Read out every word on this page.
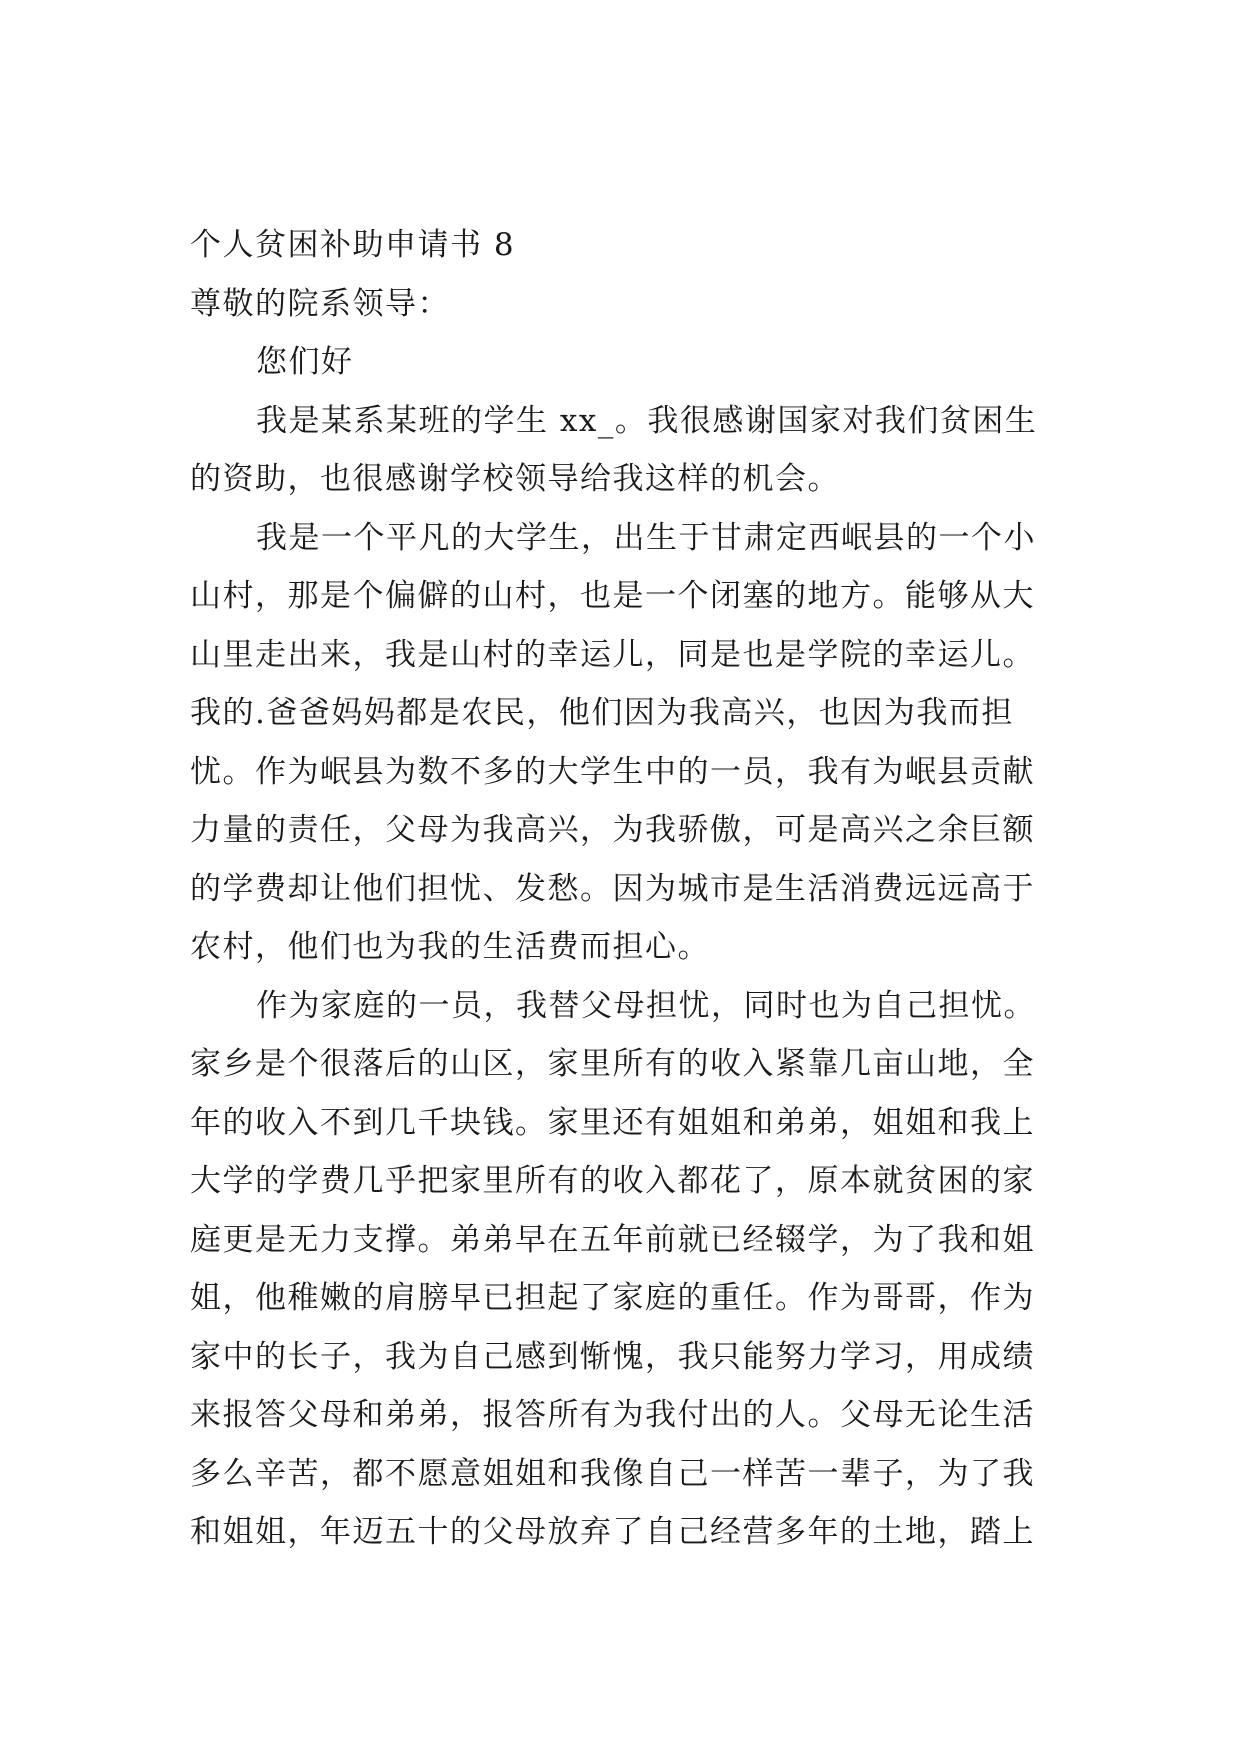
个人贫困补助申请书 8
尊敬的院系领导：
您们好
我是某系某班的学生 xx_。我很感谢国家对我们贫困生
的资助，也很感谢学校领导给我这样的机会。
我是一个平凡的大学生，出生于甘肃定西岷县的一个小
山村，那是个偏僻的山村，也是一个闭塞的地方。能够从大
山里走出来，我是山村的幸运儿，同是也是学院的幸运儿。
我的.爸爸妈妈都是农民，他们因为我高兴，也因为我而担
忧。作为岷县为数不多的大学生中的一员，我有为岷县贡献
力量的责任，父母为我高兴，为我骄傲，可是高兴之余巨额
的学费却让他们担忧、发愁。因为城市是生活消费远远高于
农村，他们也为我的生活费而担心。
作为家庭的一员，我替父母担忧，同时也为自己担忧。
家乡是个很落后的山区，家里所有的收入紧靠几亩山地，全
年的收入不到几千块钱。家里还有姐姐和弟弟，姐姐和我上
大学的学费几乎把家里所有的收入都花了，原本就贫困的家
庭更是无力支撑。弟弟早在五年前就已经辍学，为了我和姐
姐，他稚嫩的肩膀早已担起了家庭的重任。作为哥哥，作为
家中的长子，我为自己感到惭愧，我只能努力学习，用成绩
来报答父母和弟弟，报答所有为我付出的人。父母无论生活
多么辛苦，都不愿意姐姐和我像自己一样苦一辈子，为了我
和姐姐，年迈五十的父母放弃了自己经营多年的土地，踏上
